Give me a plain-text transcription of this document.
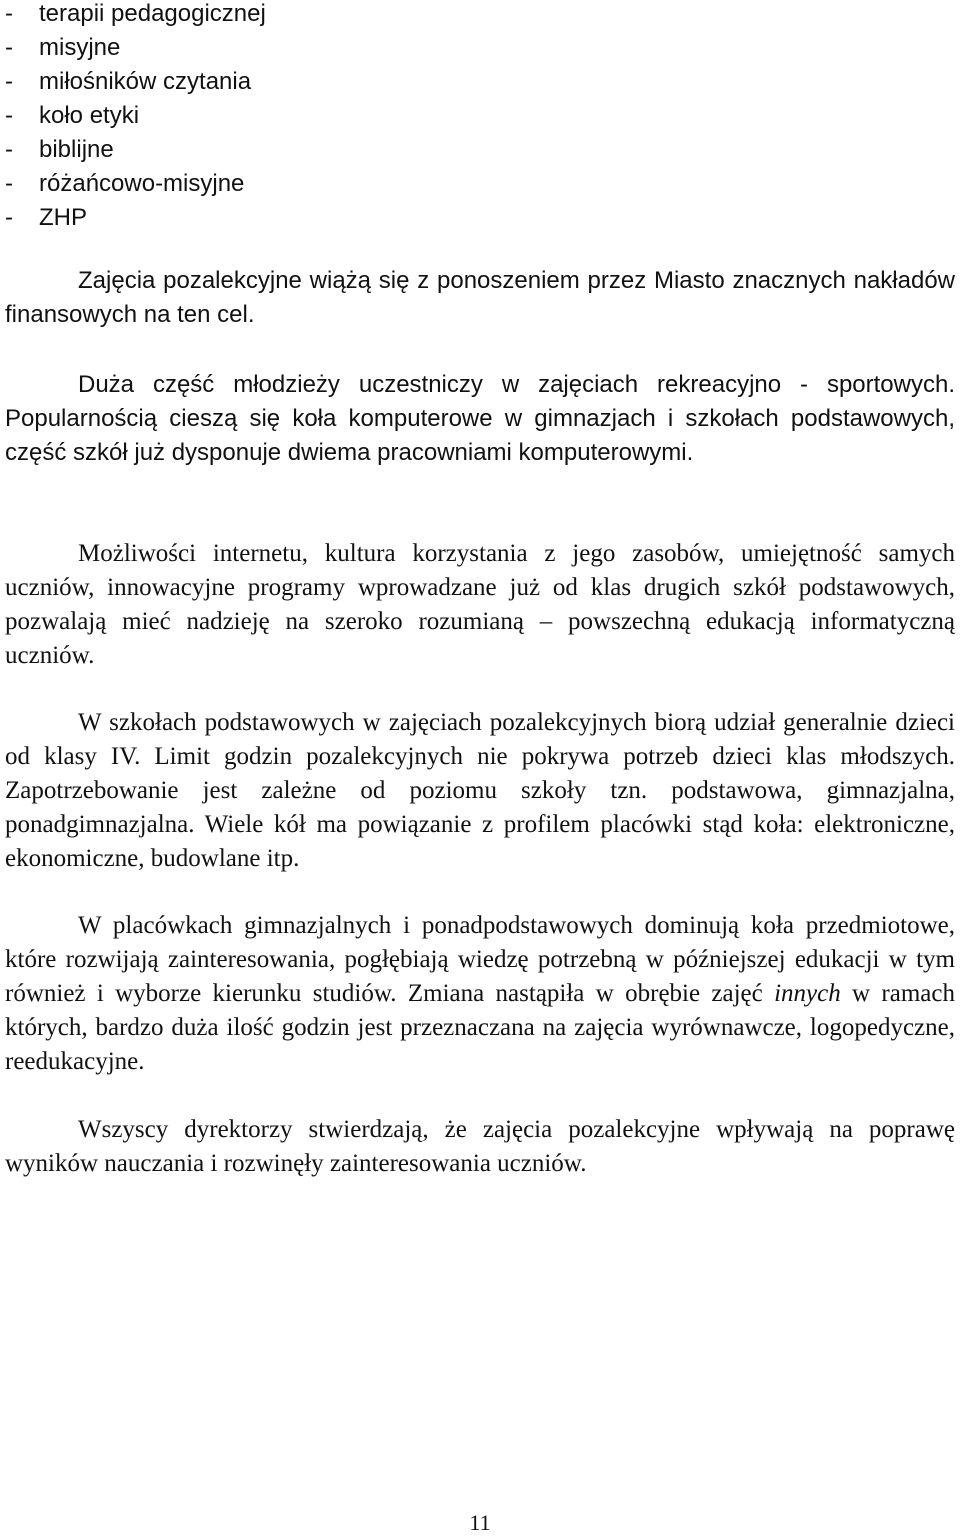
-	terapii pedagogicznej
-	misyjne
-	miłośników czytania
-	koło etyki
-	biblijne
-	różańcowo-misyjne
-	ZHP

Zajęcia pozalekcyjne wiążą się z ponoszeniem przez Miasto znacznych nakładów finansowych na ten cel.

Duża część młodzieży uczestniczy w zajęciach rekreacyjno - sportowych. Popularnością cieszą się koła komputerowe w gimnazjach i szkołach podstawowych, część szkół już dysponuje dwiema pracowniami komputerowymi.

Możliwości internetu, kultura korzystania z jego zasobów, umiejętność samych uczniów, innowacyjne programy wprowadzane już od klas drugich szkół podstawowych, pozwalają mieć nadzieję na szeroko rozumianą – powszechną edukacją informatyczną uczniów.

W szkołach podstawowych w zajęciach pozalekcyjnych biorą udział generalnie dzieci od klasy IV. Limit godzin pozalekcyjnych nie pokrywa potrzeb dzieci klas młodszych. Zapotrzebowanie jest zależne od poziomu szkoły tzn. podstawowa, gimnazjalna, ponadgimnazjalna. Wiele kół ma powiązanie z profilem placówki stąd koła: elektroniczne, ekonomiczne, budowlane itp.

W placówkach gimnazjalnych i ponadpodstawowych dominują koła przedmiotowe, które rozwijają zainteresowania, pogłębiają wiedzę potrzebną w późniejszej edukacji w tym również i wyborze kierunku studiów. Zmiana nastąpiła w obrębie zajęć innych w ramach których, bardzo duża ilość godzin jest przeznaczana na zajęcia wyrównawcze, logopedyczne, reedukacyjne.

Wszyscy dyrektorzy stwierdzają, że zajęcia pozalekcyjne wpływają na poprawę wyników nauczania i rozwinęły zainteresowania uczniów.

11
